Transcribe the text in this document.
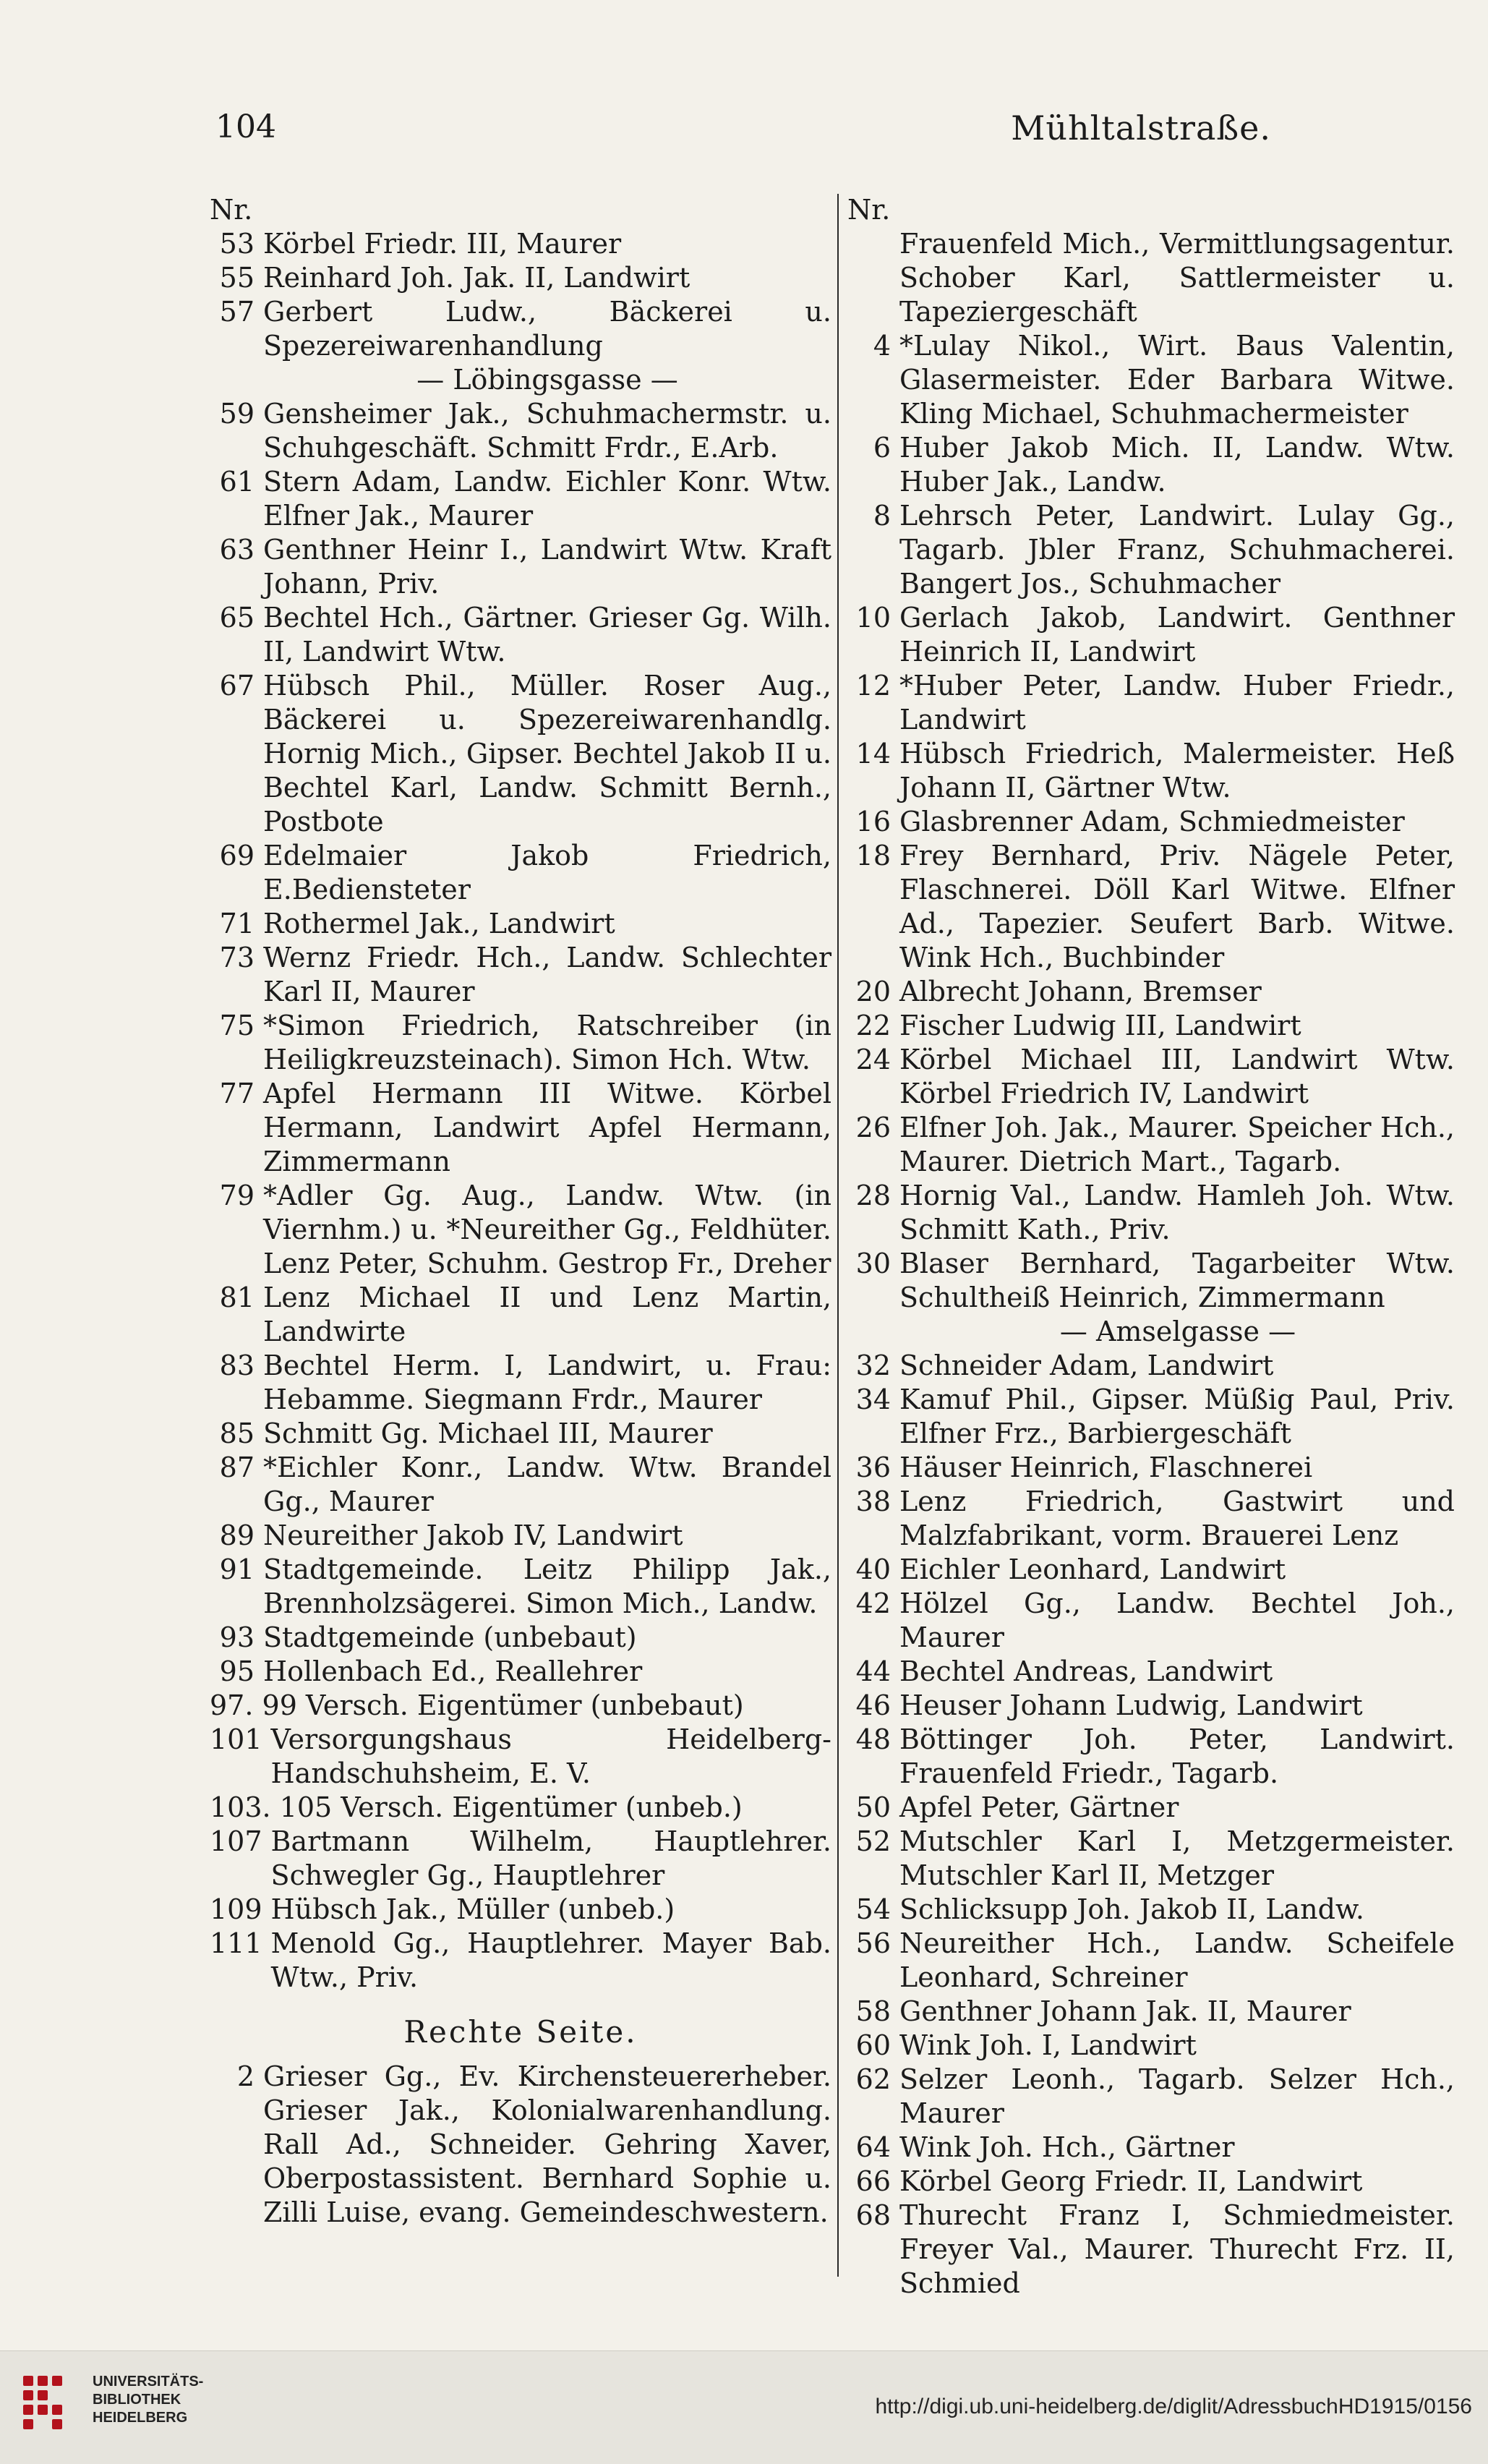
104	Mühltalstraße.
Nr.
53 Körbel Friedr. III, Maurer
55 Reinhard Joh. Jak. II, Landwirt
57 Gerbert Ludw., Bäckerei u. Spezereiwarenhandlung
— Löbingsgasse —
59 Gensheimer Jak., Schuhmachermstr. u. Schuhgeschäft. Schmitt Frdr., E.Arb.
61 Stern Adam, Landw. Eichler Konr. Wtw. Elfner Jak., Maurer
63 Genthner Heinr I., Landwirt Wtw. Kraft Johann, Priv.
65 Bechtel Hch., Gärtner. Grieser Gg. Wilh. II, Landwirt Wtw.
67 Hübsch Phil., Müller. Roser Aug., Bäckerei u. Spezereiwarenhandlg. Hornig Mich., Gipser. Bechtel Jakob II u. Bechtel Karl, Landw. Schmitt Bernh., Postbote
69 Edelmaier Jakob Friedrich, E.Bediensteter
71 Rothermel Jak., Landwirt
73 Wernz Friedr. Hch., Landw. Schlechter Karl II, Maurer
75 *Simon Friedrich, Ratschreiber (in Heiligkreuzsteinach). Simon Hch. Wtw.
77 Apfel Hermann III Witwe. Körbel Hermann, Landwirt Apfel Hermann, Zimmermann
79 *Adler Gg. Aug., Landw. Wtw. (in Viernhm.) u. *Neureither Gg., Feldhüter. Lenz Peter, Schuhm. Gestrop Fr., Dreher
81 Lenz Michael II und Lenz Martin, Landwirte
83 Bechtel Herm. I, Landwirt, u. Frau: Hebamme. Siegmann Frdr., Maurer
85 Schmitt Gg. Michael III, Maurer
87 *Eichler Konr., Landw. Wtw. Brandel Gg., Maurer
89 Neureither Jakob IV, Landwirt
91 Stadtgemeinde. Leitz Philipp Jak., Brennholzsägerei. Simon Mich., Landw.
93 Stadtgemeinde (unbebaut)
95 Hollenbach Ed., Reallehrer
97. 99 Versch. Eigentümer (unbebaut)
101 Versorgungshaus Heidelberg-Handschuhsheim, E. V.
103. 105 Versch. Eigentümer (unbeb.)
107 Bartmann Wilhelm, Hauptlehrer. Schwegler Gg., Hauptlehrer
109 Hübsch Jak., Müller (unbeb.)
111 Menold Gg., Hauptlehrer. Mayer Bab. Wtw., Priv.
Rechte Seite.
2 Grieser Gg., Ev. Kirchensteuererheber. Grieser Jak., Kolonialwarenhandlung. Rall Ad., Schneider. Gehring Xaver, Oberpostassistent. Bernhard Sophie u. Zilli Luise, evang. Gemeindeschwestern.
Nr.
Frauenfeld Mich., Vermittlungsagentur. Schober Karl, Sattlermeister u. Tapeziergeschäft
4 *Lulay Nikol., Wirt. Baus Valentin, Glasermeister. Eder Barbara Witwe. Kling Michael, Schuhmachermeister
6 Huber Jakob Mich. II, Landw. Wtw. Huber Jak., Landw.
8 Lehrsch Peter, Landwirt. Lulay Gg., Tagarb. Jbler Franz, Schuhmacherei. Bangert Jos., Schuhmacher
10 Gerlach Jakob, Landwirt. Genthner Heinrich II, Landwirt
12 *Huber Peter, Landw. Huber Friedr., Landwirt
14 Hübsch Friedrich, Malermeister. Heß Johann II, Gärtner Wtw.
16 Glasbrenner Adam, Schmiedmeister
18 Frey Bernhard, Priv. Nägele Peter, Flaschnerei. Döll Karl Witwe. Elfner Ad., Tapezier. Seufert Barb. Witwe. Wink Hch., Buchbinder
20 Albrecht Johann, Bremser
22 Fischer Ludwig III, Landwirt
24 Körbel Michael III, Landwirt Wtw. Körbel Friedrich IV, Landwirt
26 Elfner Joh. Jak., Maurer. Speicher Hch., Maurer. Dietrich Mart., Tagarb.
28 Hornig Val., Landw. Hamleh Joh. Wtw. Schmitt Kath., Priv.
30 Blaser Bernhard, Tagarbeiter Wtw. Schultheiß Heinrich, Zimmermann
— Amselgasse —
32 Schneider Adam, Landwirt
34 Kamuf Phil., Gipser. Müßig Paul, Priv. Elfner Frz., Barbiergeschäft
36 Häuser Heinrich, Flaschnerei
38 Lenz Friedrich, Gastwirt und Malzfabrikant, vorm. Brauerei Lenz
40 Eichler Leonhard, Landwirt
42 Hölzel Gg., Landw. Bechtel Joh., Maurer
44 Bechtel Andreas, Landwirt
46 Heuser Johann Ludwig, Landwirt
48 Böttinger Joh. Peter, Landwirt. Frauenfeld Friedr., Tagarb.
50 Apfel Peter, Gärtner
52 Mutschler Karl I, Metzgermeister. Mutschler Karl II, Metzger
54 Schlicksupp Joh. Jakob II, Landw.
56 Neureither Hch., Landw. Scheifele Leonhard, Schreiner
58 Genthner Johann Jak. II, Maurer
60 Wink Joh. I, Landwirt
62 Selzer Leonh., Tagarb. Selzer Hch., Maurer
64 Wink Joh. Hch., Gärtner
66 Körbel Georg Friedr. II, Landwirt
68 Thurecht Franz I, Schmiedmeister. Freyer Val., Maurer. Thurecht Frz. II, Schmied
UNIVERSITÄTS-
BIBLIOTHEK
HEIDELBERG	http://digi.ub.uni-heidelberg.de/diglit/AdressbuchHD1915/0156
